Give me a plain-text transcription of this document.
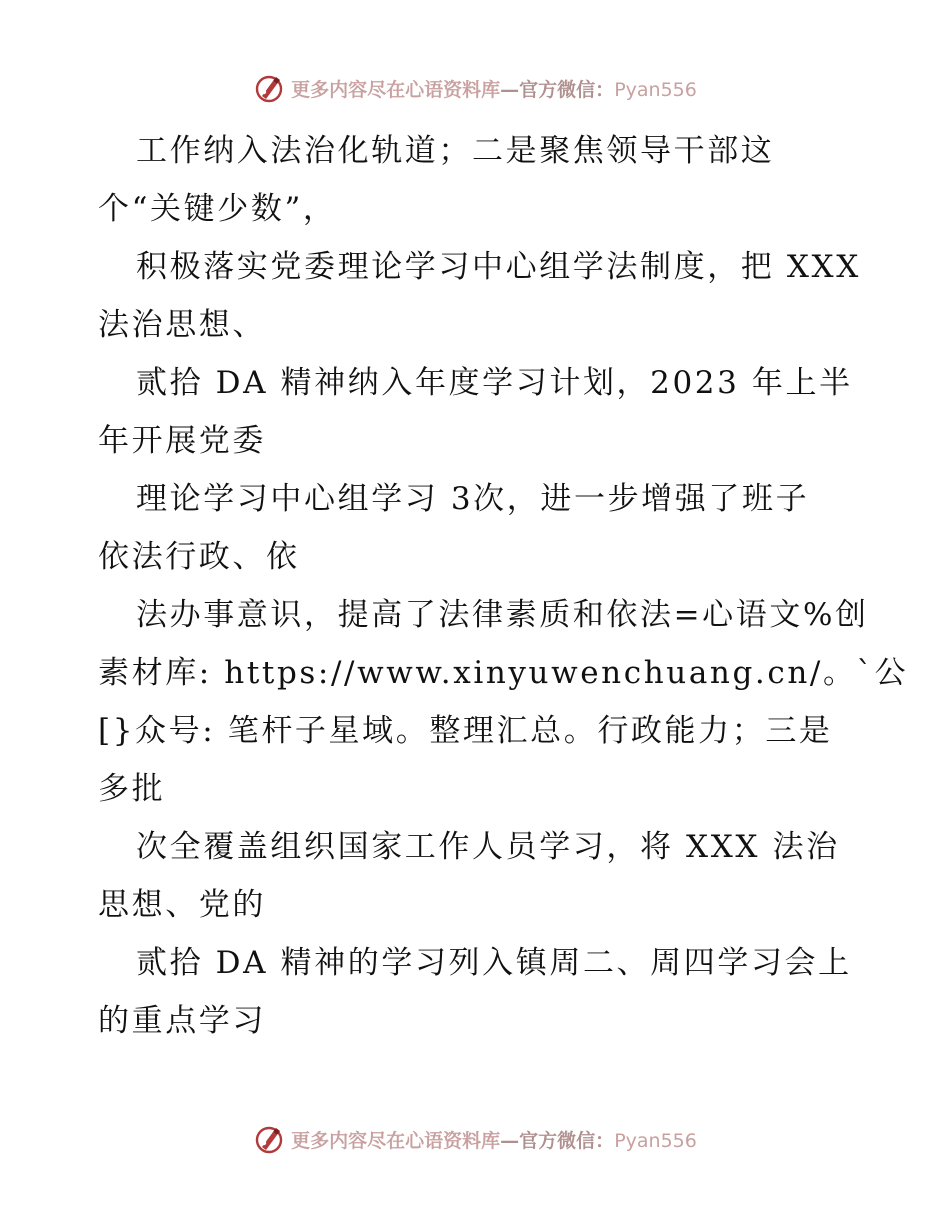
更多内容尽在心语资料库—官方微信：Pyan556
工作纳入法治化轨道；二是聚焦领导干部这
个“关键少数”，
积极落实党委理论学习中心组学法制度，把 XXX
法治思想、
贰拾 DA 精神纳入年度学习计划，2023 年上半
年开展党委
理论学习中心组学习 3次，进一步增强了班子
依法行政、依
法办事意识，提高了法律素质和依法=心语文%创
素材库: https://www.xinyuwenchuang.cn/。`公
[}众号: 笔杆子星域。整理汇总。行政能力；三是
多批
次全覆盖组织国家工作人员学习，将 XXX 法治
思想、党的
贰拾 DA 精神的学习列入镇周二、周四学习会上
的重点学习
更多内容尽在心语资料库—官方微信：Pyan556
